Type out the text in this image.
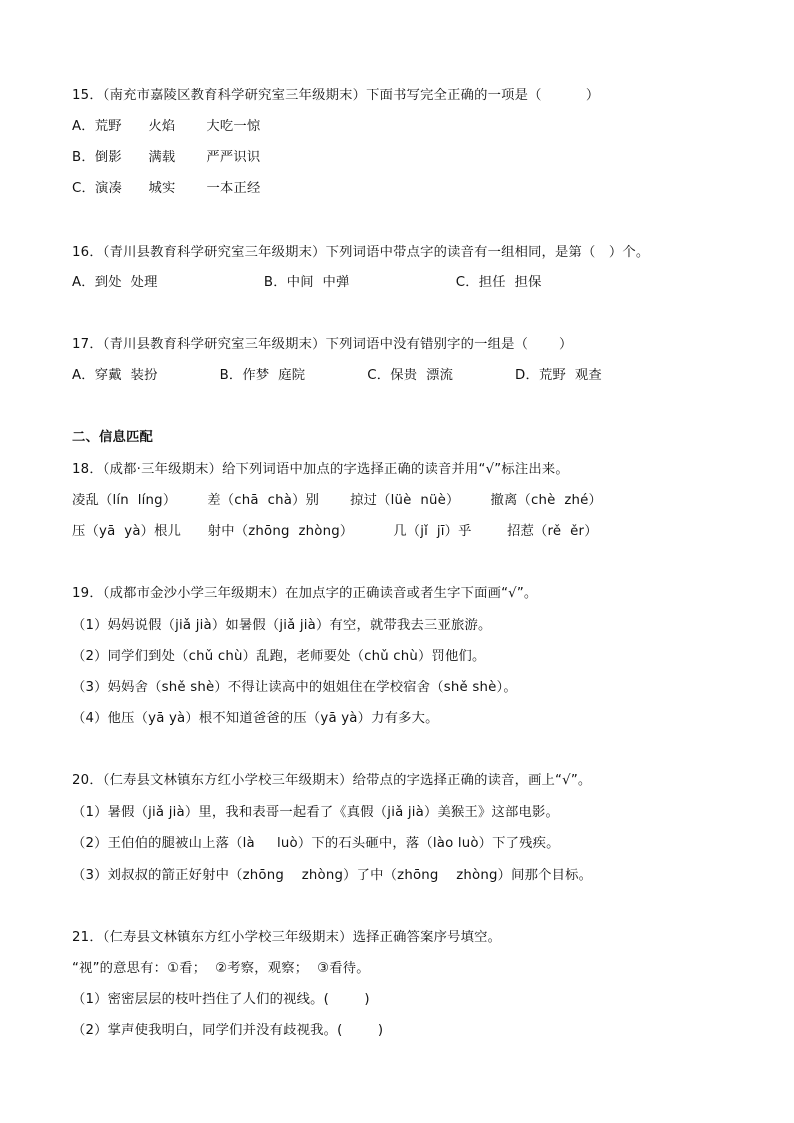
15．（南充市嘉陵区教育科学研究室三年级期末）下面书写完全正确的一项是（          ）
A．荒野      火焰       大吃一惊
B．倒影      满载       严严识识
C．演凑      城实       一本正经
16．（青川县教育科学研究室三年级期末）下列词语中带点字的读音有一组相同，是第（   ）个。
A．到处  处理                        B．中间  中弹                        C．担任  担保
17．（青川县教育科学研究室三年级期末）下列词语中没有错别字的一组是（       ）
A．穿戴  装扮              B．作梦  庭院              C．保贵  漂流              D．荒野  观查
二、信息匹配
18．（成都·三年级期末）给下列词语中加点的字选择正确的读音并用“√”标注出来。
凌乱（lín  líng）       差（chā  chà）别       掠过（lüè  nüè）       撤离（chè  zhé）
压（yā  yà）根儿      射中（zhōng  zhòng）         几（jǐ  jī）乎        招惹（rě  ěr）
19．（成都市金沙小学三年级期末）在加点字的正确读音或者生字下面画“√”。
（1）妈妈说假（jiǎ jià）如暑假（jiǎ jià）有空，就带我去三亚旅游。
（2）同学们到处（chǔ chù）乱跑，老师要处（chǔ chù）罚他们。
（3）妈妈舍（shě shè）不得让读高中的姐姐住在学校宿舍（shě shè）。
（4）他压（yā yà）根不知道爸爸的压（yā yà）力有多大。
20．（仁寿县文林镇东方红小学校三年级期末）给带点的字选择正确的读音，画上“√”。
（1）暑假（jiǎ jià）里，我和表哥一起看了《真假（jiǎ jià）美猴王》这部电影。
（2）王伯伯的腿被山上落（là     luò）下的石头砸中，落（lào luò）下了残疾。
（3）刘叔叔的箭正好射中（zhōng    zhòng）了中（zhōng    zhòng）间那个目标。
21．（仁寿县文林镇东方红小学校三年级期末）选择正确答案序号填空。
“视”的意思有：①看；  ②考察，观察；  ③看待。
（1）密密层层的枝叶挡住了人们的视线。(        )
（2）掌声使我明白，同学们并没有歧视我。(        )
